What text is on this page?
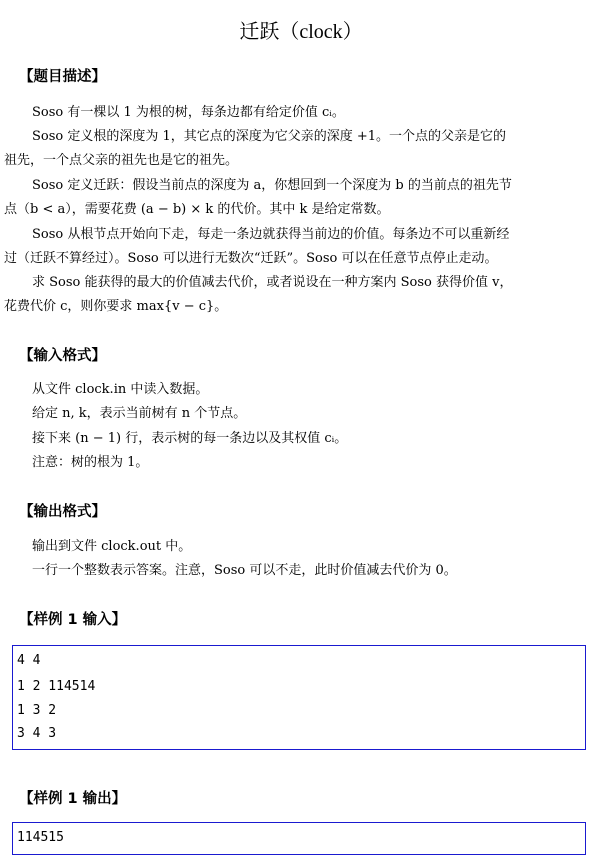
迁跃（clock）
【题目描述】
Soso 有一棵以 1 为根的树，每条边都有给定价值 cᵢ。
Soso 定义根的深度为 1，其它点的深度为它父亲的深度 +1。一个点的父亲是它的
祖先，一个点父亲的祖先也是它的祖先。
Soso 定义迁跃：假设当前点的深度为 a，你想回到一个深度为 b 的当前点的祖先节
点（b < a），需要花费 (a − b) × k 的代价。其中 k 是给定常数。
Soso 从根节点开始向下走，每走一条边就获得当前边的价值。每条边不可以重新经
过（迁跃不算经过）。Soso 可以进行无数次“迁跃”。Soso 可以在任意节点停止走动。
求 Soso 能获得的最大的价值减去代价，或者说设在一种方案内 Soso 获得价值 v，
花费代价 c，则你要求 max{v − c}。
【输入格式】
从文件 clock.in 中读入数据。
给定 n, k，表示当前树有 n 个节点。
接下来 (n − 1) 行，表示树的每一条边以及其权值 cᵢ。
注意：树的根为 1。
【输出格式】
输出到文件 clock.out 中。
一行一个整数表示答案。注意，Soso 可以不走，此时价值减去代价为 0。
【样例 1 输入】
4 4
1 2 114514
1 3 2
3 4 3
【样例 1 输出】
114515
